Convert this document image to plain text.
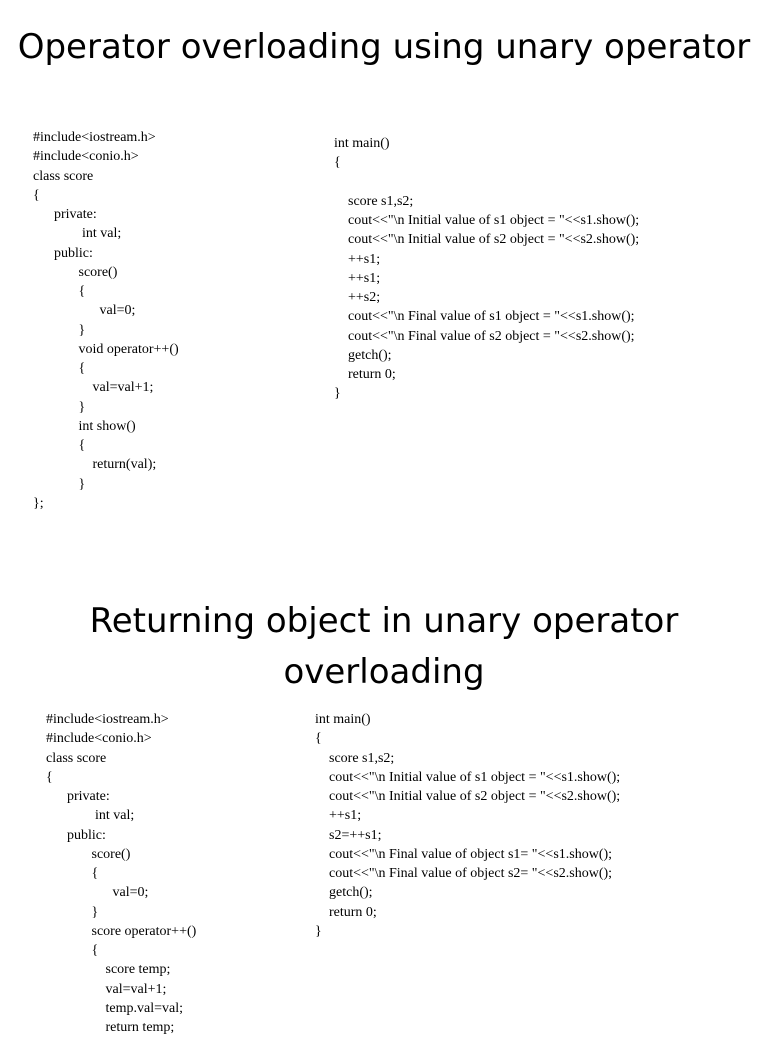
Operator overloading using unary operator
#include<iostream.h>
#include<conio.h>
class score
{
private:
int val;
public:
score()
{
val=0;
}
void operator++()
{
val=val+1;
}
int show()
{
return(val);
}
};
int main()
{
score s1,s2;
cout<<"\n Initial value of s1 object = "<<s1.show();
cout<<"\n Initial value of s2 object = "<<s2.show();
++s1;
++s1;
++s2;
cout<<"\n Final value of s1 object = "<<s1.show();
cout<<"\n Final value of s2 object = "<<s2.show();
getch();
return 0;
}
Returning object in unary operator overloading
#include<iostream.h>
#include<conio.h>
class score
{
private:
int val;
public:
score()
{
val=0;
}
score operator++()
{
score temp;
val=val+1;
temp.val=val;
return temp;
int main()
{
score s1,s2;
cout<<"\n Initial value of s1 object = "<<s1.show();
cout<<"\n Initial value of s2 object = "<<s2.show();
++s1;
s2=++s1;
cout<<"\n Final value of object s1= "<<s1.show();
cout<<"\n Final value of object s2= "<<s2.show();
getch();
return 0;
}
